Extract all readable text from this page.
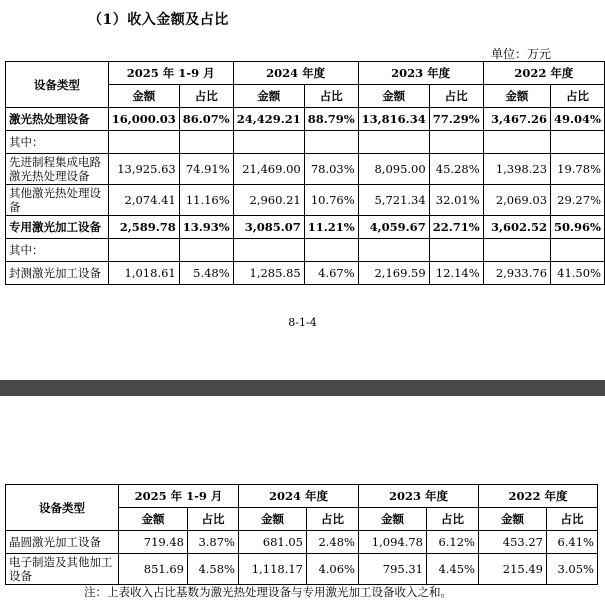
（1）收入金额及占比
单位：万元
设备类型	2025 年 1-9 月		2024 年度		2023 年度		2022 年度	
	金额	占比	金额	占比	金额	占比	金额	占比
激光热处理设备	16,000.03	86.07%	24,429.21	88.79%	13,816.34	77.29%	3,467.26	49.04%
其中：								
先进制程集成电路激光热处理设备	13,925.63	74.91%	21,469.00	78.03%	8,095.00	45.28%	1,398.23	19.78%
其他激光热处理设备	2,074.41	11.16%	2,960.21	10.76%	5,721.34	32.01%	2,069.03	29.27%
专用激光加工设备	2,589.78	13.93%	3,085.07	11.21%	4,059.67	22.71%	3,602.52	50.96%
其中：								
封测激光加工设备	1,018.61	5.48%	1,285.85	4.67%	2,169.59	12.14%	2,933.76	41.50%
8-1-4
设备类型	2025 年 1-9 月		2024 年度		2023 年度		2022 年度	
	金额	占比	金额	占比	金额	占比	金额	占比
晶圆激光加工设备	719.48	3.87%	681.05	2.48%	1,094.78	6.12%	453.27	6.41%
电子制造及其他加工设备	851.69	4.58%	1,118.17	4.06%	795.31	4.45%	215.49	3.05%
注：上表收入占比基数为激光热处理设备与专用激光加工设备收入之和。
